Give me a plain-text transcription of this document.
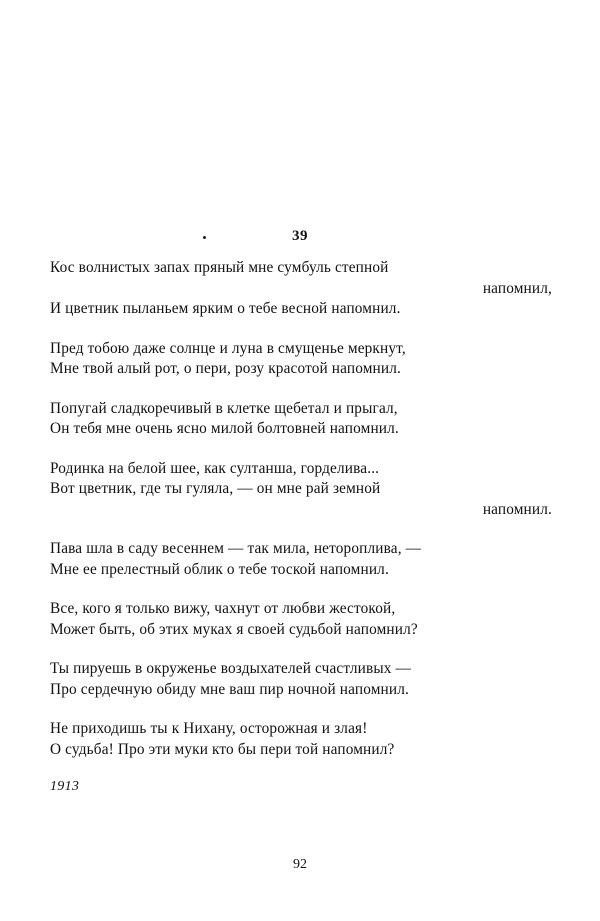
39
Кос волнистых запах пряный мне сумбуль степной
напомнил,
И цветник пыланьем ярким о тебе весной напомнил.
Пред тобою даже солнце и луна в смущенье меркнут,
Мне твой алый рот, о пери, розу красотой напомнил.
Попугай сладкоречивый в клетке щебетал и прыгал,
Он тебя мне очень ясно милой болтовней напомнил.
Родинка на белой шее, как султанша, горделива...
Вот цветник, где ты гуляла, — он мне рай земной
напомнил.
Пава шла в саду весеннем — так мила, нетороплива, —
Мне ее прелестный облик о тебе тоской напомнил.
Все, кого я только вижу, чахнут от любви жестокой,
Может быть, об этих муках я своей судьбой напомнил?
Ты пируешь в окруженье воздыхателей счастливых —
Про сердечную обиду мне ваш пир ночной напомнил.
Не приходишь ты к Нихану, осторожная и злая!
О судьба! Про эти муки кто бы пери той напомнил?
1913
92
